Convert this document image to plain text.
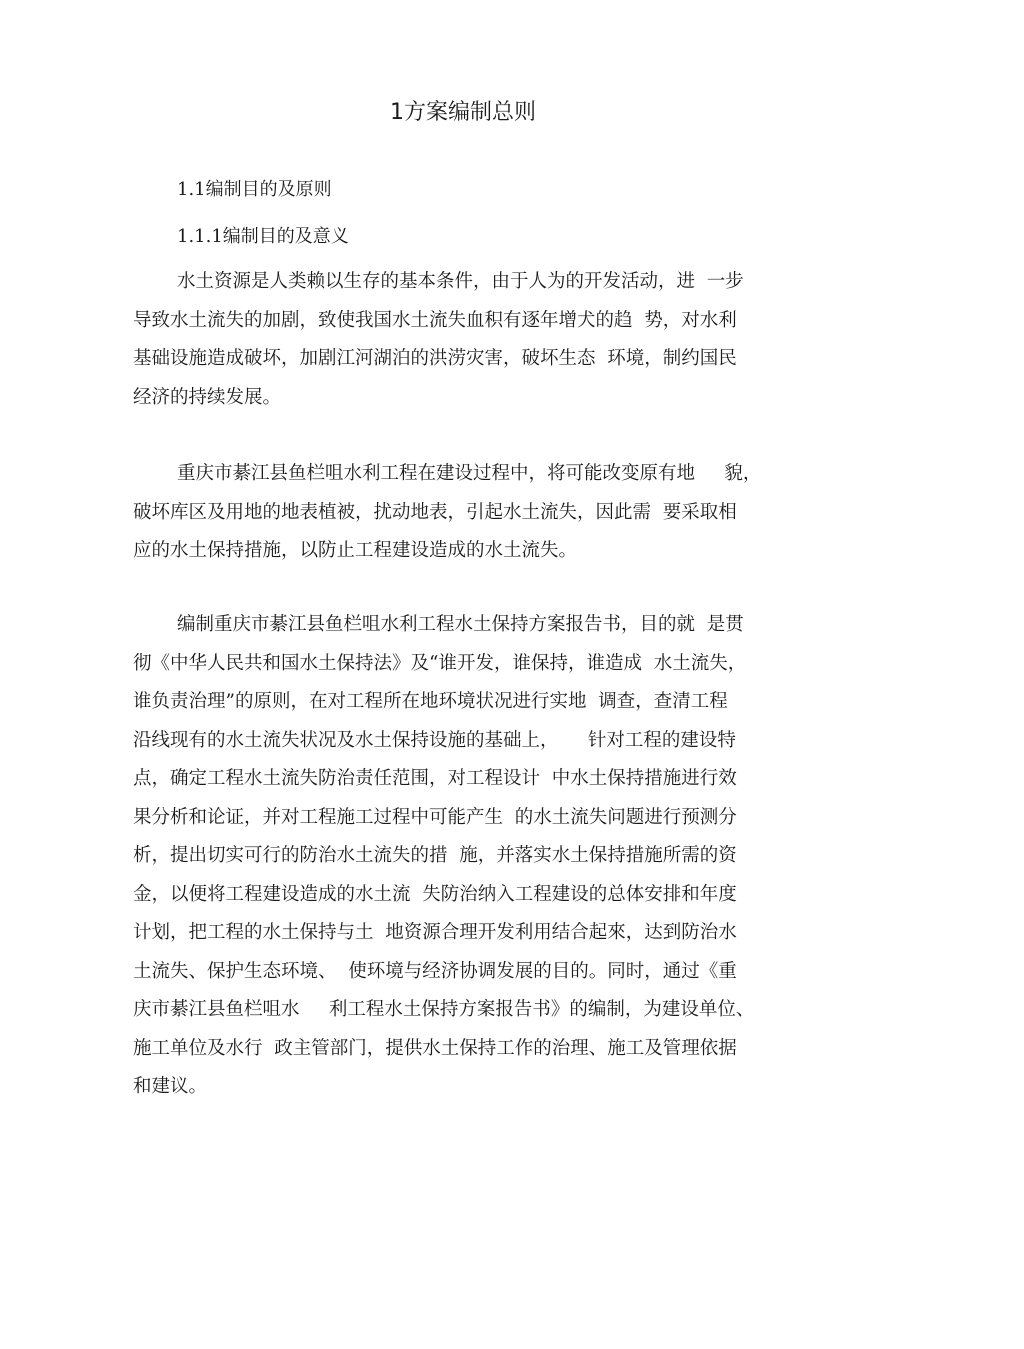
1方案编制总则
1.1编制目的及原则
1.1.1编制目的及意义
水土资源是人类赖以生存的基本条件，由于人为的开发活动，进  一步
导致水土流失的加剧，致使我国水土流失血积有逐年增犬的趋  势，对水利
基础设施造成破坏，加剧江河湖泊的洪涝灾害，破坏生态  环境，制约国民
经济的持续发展。
重庆市綦江县鱼栏咀水利工程在建设过程中，将可能改变原有地     貌，
破坏库区及用地的地表植被，扰动地表，引起水土流失，因此需  要采取相
应的水土保持措施，以防止工程建设造成的水土流失。
编制重庆市綦江县鱼栏咀水利工程水土保持方案报告书，目的就  是贯
彻《中华人民共和国水土保持法》及“谁开发，谁保持，谁造成  水土流失，
谁负责治理”的原则，在对工程所在地环境状况进行实地  调查，查清工程
沿线现有的水土流失状况及水土保持设施的基础上，     针对工程的建设特
点，确定工程水土流失防治责任范围，对工程设计  中水土保持措施进行效
果分析和论证，并对工程施工过程中可能产生  的水土流失问题进行预测分
析，提出切实可行的防治水土流失的措  施，并落实水土保持措施所需的资
金，以便将工程建设造成的水土流  失防治纳入工程建设的总体安排和年度
计划，把工程的水土保持与土  地资源合理开发利用结合起來，达到防治水
土流失、保护生态环境、  使环境与经济协调发展的目的。同时，通过《重
庆市綦江县鱼栏咀水     利工程水土保持方案报告书》的编制，为建设单位、
施工单位及水行  政主管部门，提供水土保持工作的治理、施工及管理依据
和建议。
